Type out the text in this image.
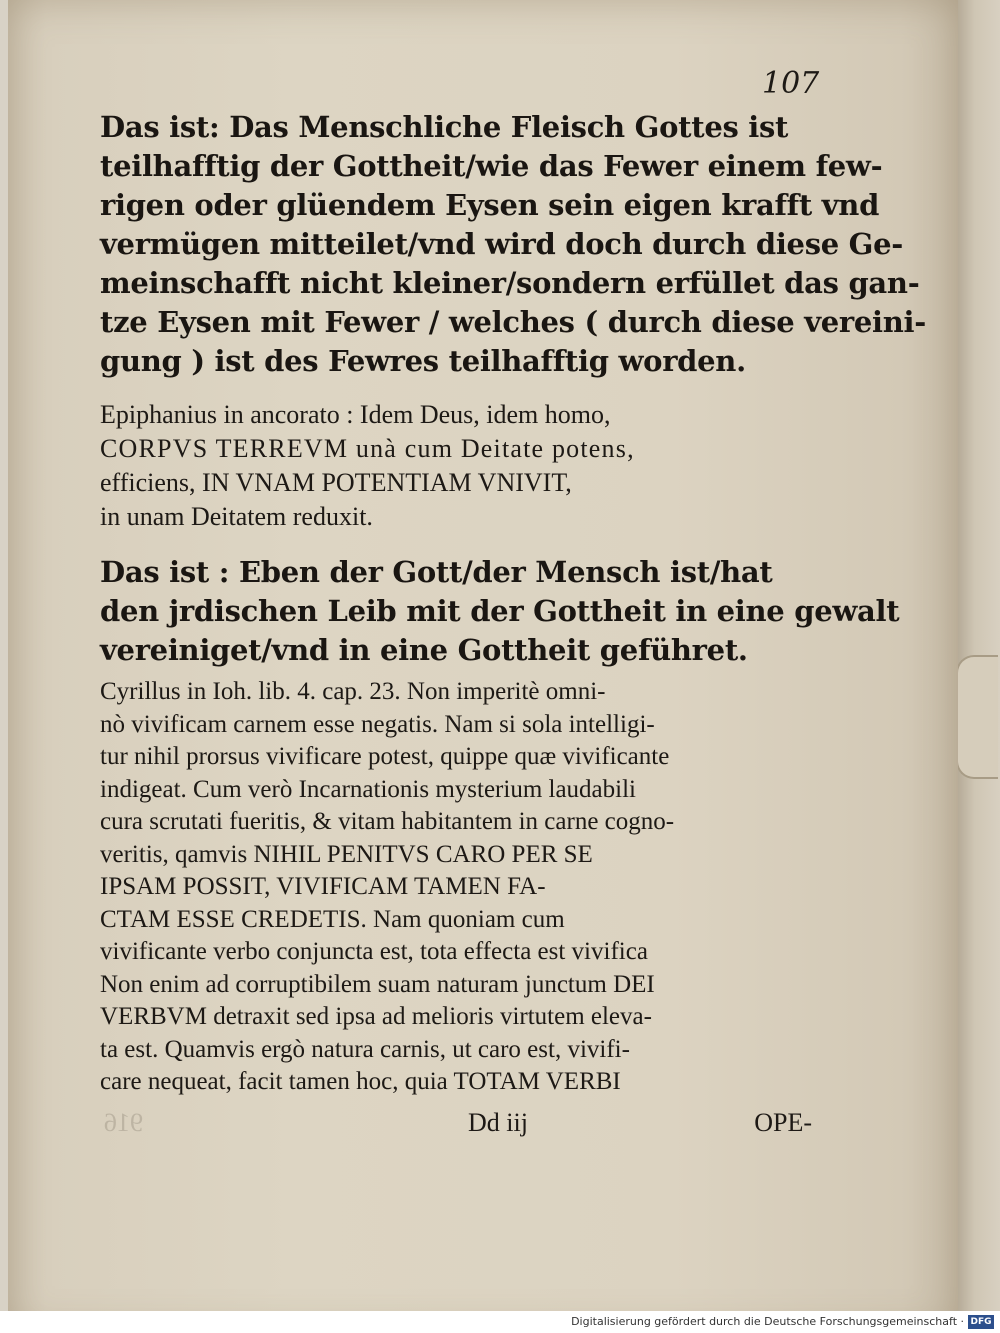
107
Das ist: Das Menschliche Fleisch Gottes ist
teilhafftig der Gottheit/wie das Fewer einem few-
rigen oder glüendem Eysen sein eigen krafft vnd
vermügen mitteilet/vnd wird doch durch diese Ge-
meinschafft nicht kleiner/sondern erfüllet das gan-
tze Eysen mit Fewer / welches ( durch diese vereini-
gung ) ist des Fewres teilhafftig worden.
Epiphanius in ancorato : Idem Deus, idem homo,
CORPVS TERREVM unà cum Deitate potens,
efficiens, IN VNAM POTENTIAM VNIVIT,
in unam Deitatem reduxit.
Das ist : Eben der Gott/der Mensch ist/hat
den jrdischen Leib mit der Gottheit in eine gewalt
vereiniget/vnd in eine Gottheit geführet.
Cyrillus in Ioh. lib. 4. cap. 23. Non imperitè omni-
nò vivificam carnem esse negatis. Nam si sola intelligi-
tur nihil prorsus vivificare potest, quippe quæ vivificante
indigeat. Cum verò Incarnationis mysterium laudabili
cura scrutati fueritis, & vitam habitantem in carne cogno-
veritis, qamvis NIHIL PENITVS CARO PER SE
IPSAM POSSIT, VIVIFICAM TAMEN FA-
CTAM ESSE CREDETIS. Nam quoniam cum
vivificante verbo conjuncta est, tota effecta est vivifica
Non enim ad corruptibilem suam naturam junctum DEI
VERBVM detraxit sed ipsa ad melioris virtutem eleva-
ta est. Quamvis ergò natura carnis, ut caro est, vivifi-
care nequeat, facit tamen hoc, quia TOTAM VERBI
916	Dd iij	OPE-
Digitalisierung gefördert durch die Deutsche Forschungsgemeinschaft · DFG
